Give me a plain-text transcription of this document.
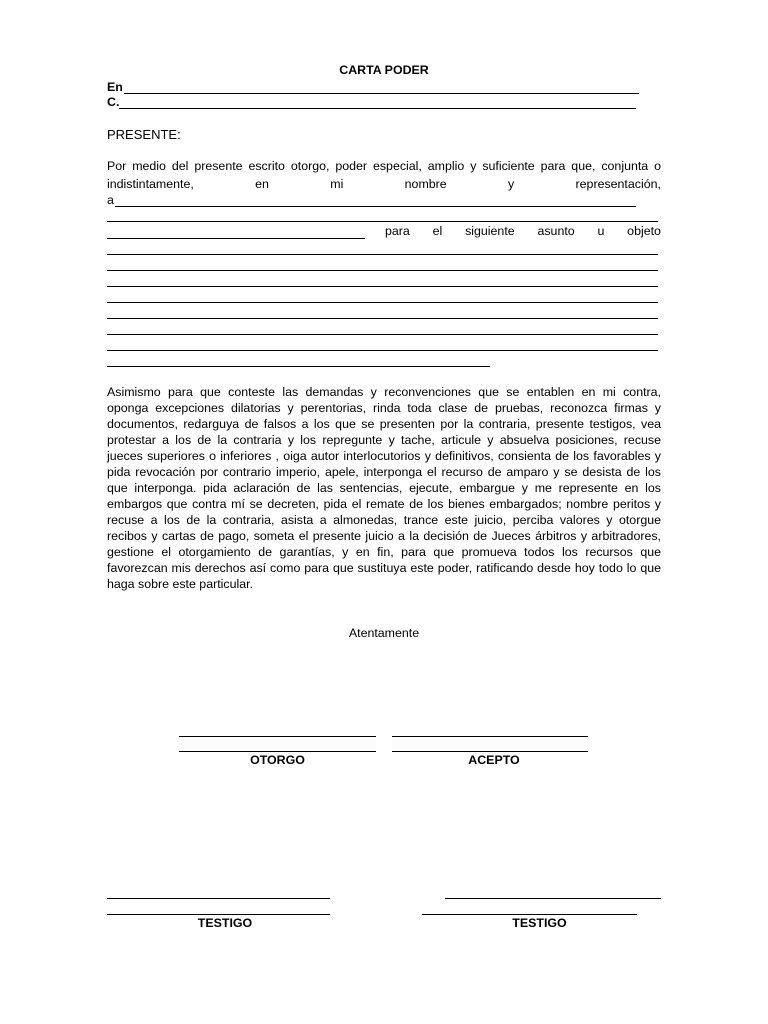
CARTA PODER
En
C.
PRESENTE:
Por medio del presente escrito otorgo, poder especial, amplio y suficiente para que, conjunta o
indistintamente,	en	mi	nombre	y	representación,
a
para el siguiente asunto u objeto
Asimismo para que conteste las demandas y reconvenciones que se entablen en mi contra,
oponga excepciones dilatorias y perentorias, rinda toda clase de pruebas, reconozca firmas y
documentos, redarguya de falsos a los que se presenten por la contraria, presente testigos, vea
protestar a los de la contraria y los repregunte y tache, articule y absuelva posiciones, recuse
jueces superiores o inferiores , oiga autor interlocutorios y definitivos, consienta de los favorables y
pida revocación por contrario imperio, apele, interponga el recurso de amparo y se desista de los
que interponga. pida aclaración de las sentencias, ejecute, embargue y me represente en los
embargos que contra mí se decreten, pida el remate de los bienes embargados; nombre peritos y
recuse a los de la contraria, asista a almonedas, trance este juicio, perciba valores y otorgue
recibos y cartas de pago, someta el presente juicio a la decisión de Jueces árbitros y arbitradores,
gestione el otorgamiento de garantías, y en fin, para que promueva todos los recursos que
favorezcan mis derechos así como para que sustituya este poder, ratificando desde hoy todo lo que
haga sobre este particular.
Atentamente
OTORGO	ACEPTO
TESTIGO	TESTIGO
